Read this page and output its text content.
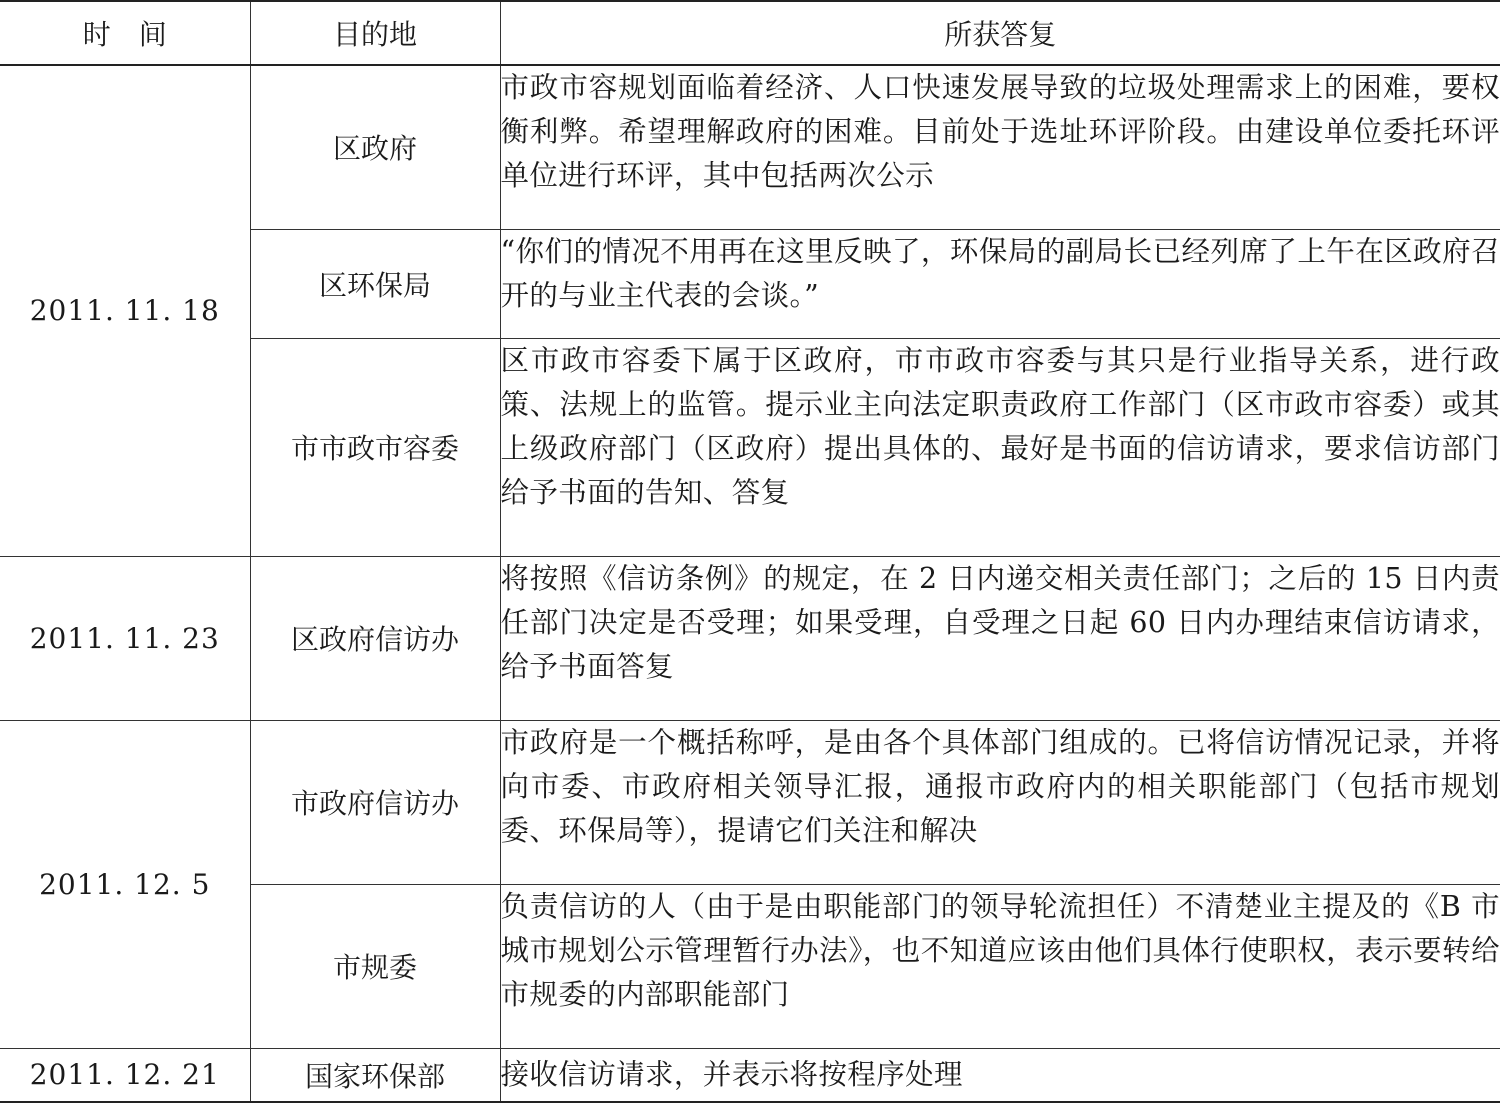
时　间	目的地	所获答复
2011. 11. 18	区政府	市政市容规划面临着经济、人口快速发展导致的垃圾处理需求上的困难，要权衡利弊。希望理解政府的困难。目前处于选址环评阶段。由建设单位委托环评单位进行环评，其中包括两次公示
	区环保局	“你们的情况不用再在这里反映了，环保局的副局长已经列席了上午在区政府召开的与业主代表的会谈。”
	市市政市容委	区市政市容委下属于区政府，市市政市容委与其只是行业指导关系，进行政策、法规上的监管。提示业主向法定职责政府工作部门（区市政市容委）或其上级政府部门（区政府）提出具体的、最好是书面的信访请求，要求信访部门给予书面的告知、答复
2011. 11. 23	区政府信访办	将按照《信访条例》的规定，在 2 日内递交相关责任部门；之后的 15 日内责任部门决定是否受理；如果受理，自受理之日起 60 日内办理结束信访请求，给予书面答复
2011. 12. 5	市政府信访办	市政府是一个概括称呼，是由各个具体部门组成的。已将信访情况记录，并将向市委、市政府相关领导汇报，通报市政府内的相关职能部门（包括市规划委、环保局等），提请它们关注和解决
	市规委	负责信访的人（由于是由职能部门的领导轮流担任）不清楚业主提及的《B 市城市规划公示管理暂行办法》，也不知道应该由他们具体行使职权，表示要转给市规委的内部职能部门
2011. 12. 21	国家环保部	接收信访请求，并表示将按程序处理
